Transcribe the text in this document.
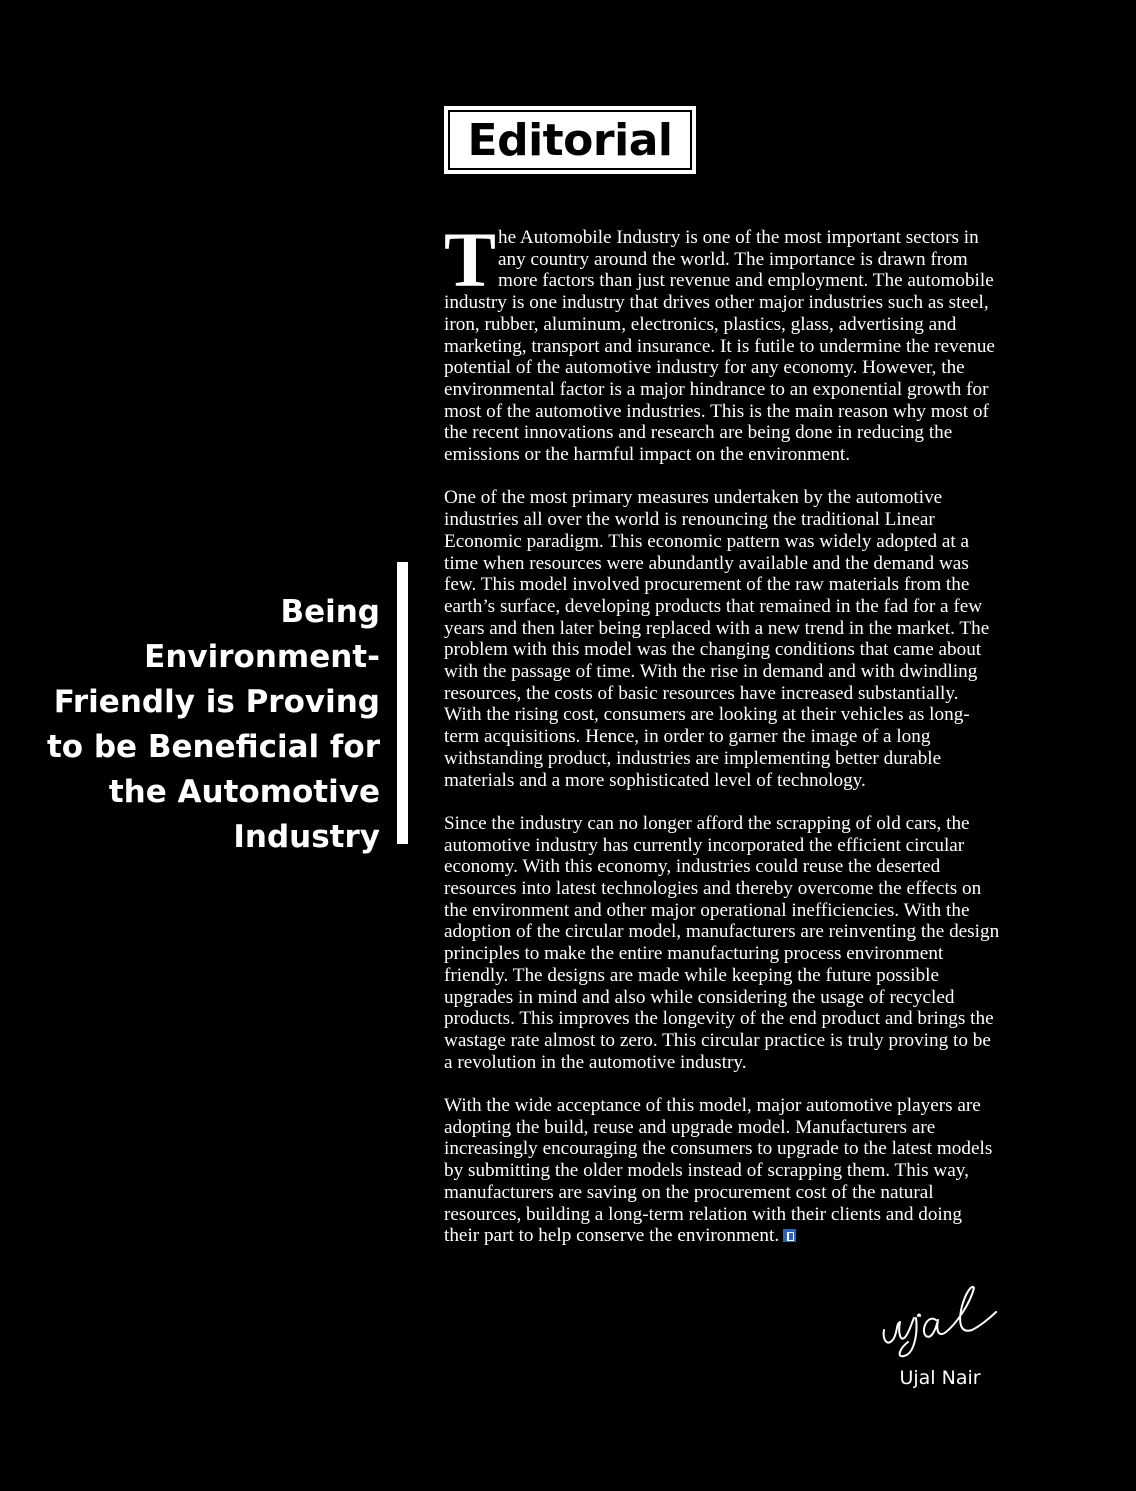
Editorial
Being Environment-Friendly is Proving to be Beneficial for the Automotive Industry

The Automobile Industry is one of the most important sectors in any country around the world. The importance is drawn from more factors than just revenue and employment. The automobile industry is one industry that drives other major industries such as steel, iron, rubber, aluminum, electronics, plastics, glass, advertising and marketing, transport and insurance. It is futile to undermine the revenue potential of the automotive industry for any economy. However, the environmental factor is a major hindrance to an exponential growth for most of the automotive industries. This is the main reason why most of the recent innovations and research are being done in reducing the emissions or the harmful impact on the environment.

One of the most primary measures undertaken by the automotive industries all over the world is renouncing the traditional Linear Economic paradigm. This economic pattern was widely adopted at a time when resources were abundantly available and the demand was few. This model involved procurement of the raw materials from the earth’s surface, developing products that remained in the fad for a few years and then later being replaced with a new trend in the market. The problem with this model was the changing conditions that came about with the passage of time. With the rise in demand and with dwindling resources, the costs of basic resources have increased substantially. With the rising cost, consumers are looking at their vehicles as long-term acquisitions. Hence, in order to garner the image of a long withstanding product, industries are implementing better durable materials and a more sophisticated level of technology.

Since the industry can no longer afford the scrapping of old cars, the automotive industry has currently incorporated the efficient circular economy. With this economy, industries could reuse the deserted resources into latest technologies and thereby overcome the effects on the environment and other major operational inefficiencies. With the adoption of the circular model, manufacturers are reinventing the design principles to make the entire manufacturing process environment friendly. The designs are made while keeping the future possible upgrades in mind and also while considering the usage of recycled products. This improves the longevity of the end product and brings the wastage rate almost to zero. This circular practice is truly proving to be a revolution in the automotive industry.

With the wide acceptance of this model, major automotive players are adopting the build, reuse and upgrade model. Manufacturers are increasingly encouraging the consumers to upgrade to the latest models by submitting the older models instead of scrapping them. This way, manufacturers are saving on the procurement cost of the natural resources, building a long-term relation with their clients and doing their part to help conserve the environment.

Ujal Nair
